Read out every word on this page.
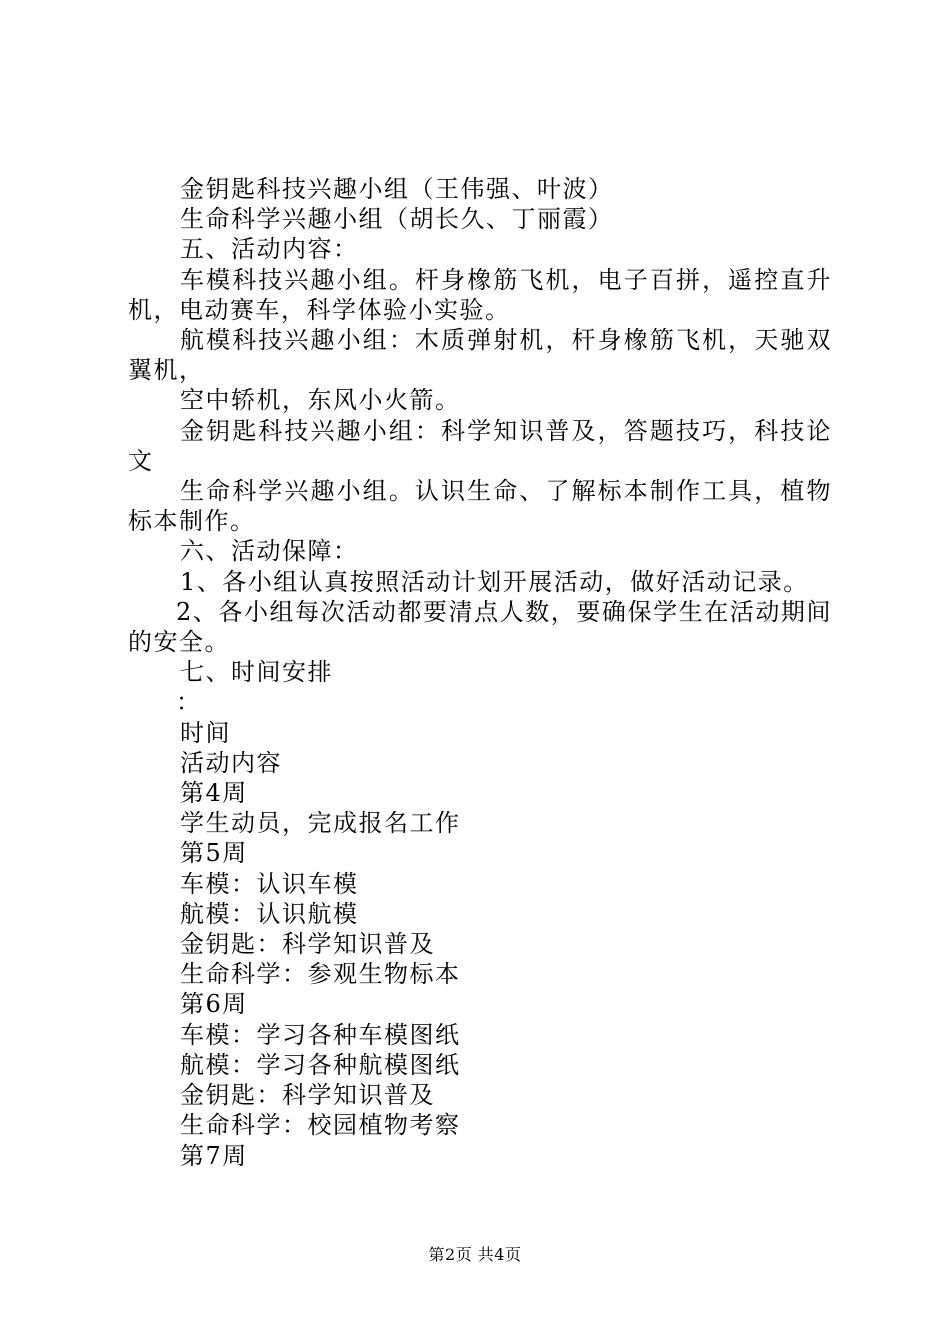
金钥匙科技兴趣小组（王伟强、叶波）

生命科学兴趣小组（胡长久、丁丽霞）

五、活动内容：

车模科技兴趣小组。杆身橡筋飞机，电子百拼，遥控直升机，电动赛车，科学体验小实验。

航模科技兴趣小组：木质弹射机，杆身橡筋飞机，天驰双翼机，

空中轿机，东风小火箭。

金钥匙科技兴趣小组：科学知识普及，答题技巧，科技论文

生命科学兴趣小组。认识生命、了解标本制作工具，植物标本制作。

六、活动保障：

1、各小组认真按照活动计划开展活动，做好活动记录。

2、各小组每次活动都要清点人数，要确保学生在活动期间的安全。

七、时间安排

：

时间

活动内容

第4周

学生动员，完成报名工作

第5周

车模：认识车模

航模：认识航模

金钥匙：科学知识普及

生命科学：参观生物标本

第6周

车模：学习各种车模图纸

航模：学习各种航模图纸

金钥匙：科学知识普及

生命科学：校园植物考察

第7周

第2页 共4页
